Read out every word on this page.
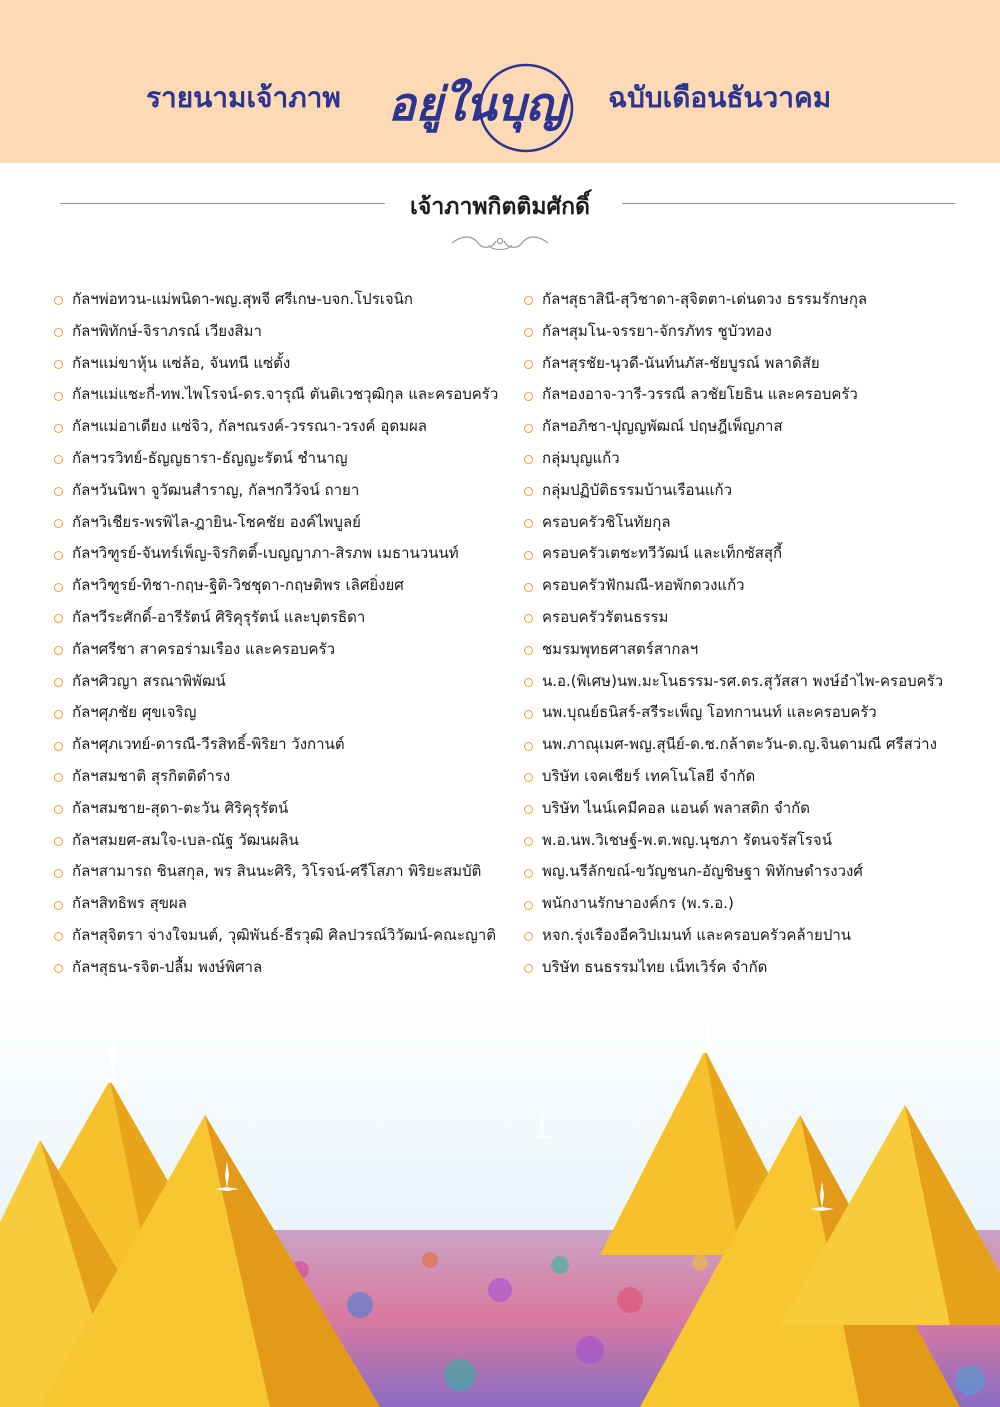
รายนามเจ้าภาพ อยู่ในบุญ ฉบับเดือนธันวาคม
เจ้าภาพกิตติมศักดิ์
กัลฯพ่อทวน-แม่พนิดา-พญ.สุพจี ศรีเกษ-บจก.โปรเจนิก
กัลฯพิทักษ์-จิราภรณ์ เวียงสิมา
กัลฯแม่ขาหุ้น แซ่ล้อ, จันทนี แซ่ตั้ง
กัลฯแม่แชะกี่-ทพ.ไพโรจน์-ดร.จารุณี ตันติเวชวุฒิกุล และครอบครัว
กัลฯแม่อาเตียง แซ่จิว, กัลฯณรงค์-วรรณา-วรงค์ อุดมผล
กัลฯวรวิทย์-ธัญญธารา-ธัญญะรัตน์ ชำนาญ
กัลฯวันนิพา จูวัฒนสำราญ, กัลฯกวีวัจน์ ถายา
กัลฯวิเชียร-พรพิไล-ฎายิน-โชคชัย องค์ไพบูลย์
กัลฯวิฑูรย์-จันทร์เพ็ญ-จิรกิตติ์-เบญญาภา-สิรภพ เมธานวนนท์
กัลฯวิฑูรย์-ทิชา-กฤษ-ฐิติ-วิชชุดา-กฤษติพร เลิศยิ่งยศ
กัลฯวีระศักดิ์-อารีรัตน์ ศิริคุรุรัตน์ และบุตรธิดา
กัลฯศรีชา สาครอร่ามเรือง และครอบครัว
กัลฯศิวญา สรณาพิพัฒน์
กัลฯศุภชัย ศุขเจริญ
กัลฯศุภเวทย์-ดารณี-วีรสิทธิ์-พิริยา วังกานต์
กัลฯสมชาติ สุรกิตติดำรง
กัลฯสมชาย-สุดา-ตะวัน ศิริคุรุรัตน์
กัลฯสมยศ-สมใจ-เบล-ณัฐ วัฒนผลิน
กัลฯสามารถ ชินสกุล, พร สินนะศิริ, วิโรจน์-ศรีโสภา พิริยะสมบัติ
กัลฯสิทธิพร สุขผล
กัลฯสุจิตรา จ่างใจมนต์, วุฒิพันธ์-ธีรวุฒิ ศิลปวรณ์วิวัฒน์-คณะญาติ
กัลฯสุธน-รจิต-ปลื้ม พงษ์พิศาล
กัลฯสุธาสินี-สุวิชาดา-สุจิตตา-เด่นดวง ธรรมรักษกุล
กัลฯสุมโน-จรรยา-จักรภัทร ชูบัวทอง
กัลฯสุรชัย-นุวดี-นันท์นภัส-ชัยบูรณ์ พลาดิสัย
กัลฯองอาจ-วารี-วรรณี ลวชัยโยธิน และครอบครัว
กัลฯอภิชา-ปุญญพัฒณ์ ปฤษฎีเพ็ญภาส
กลุ่มบุญแก้ว
กลุ่มปฏิบัติธรรมบ้านเรือนแก้ว
ครอบครัวชิโนทัยกุล
ครอบครัวเตชะทวีวัฒน์ และเท็กซัสสุกี้
ครอบครัวฟักมณี-หอพักดวงแก้ว
ครอบครัวรัตนธรรม
ชมรมพุทธศาสตร์สากลฯ
น.อ.(พิเศษ)นพ.มะโนธรรม-รศ.ดร.สุวัสสา พงษ์อำไพ-ครอบครัว
นพ.บุณย์ธนิสร์-สรีระเพ็ญ โอทกานนท์ และครอบครัว
นพ.ภาณุเมศ-พญ.สุนีย์-ด.ช.กล้าตะวัน-ด.ญ.จินดามณี ศรีสว่าง
บริษัท เจคเชียร์ เทคโนโลยี จำกัด
บริษัท ไนน์เคมีคอล แอนด์ พลาสติก จำกัด
พ.อ.นพ.วิเชษฐ์-พ.ต.พญ.นุชภา รัตนจรัสโรจน์
พญ.นรีลักขณ์-ขวัญชนก-อัญชิษฐา พิทักษดำรงวงศ์
พนักงานรักษาองค์กร (พ.ร.อ.)
หจก.รุ่งเรืองอีควิปเมนท์ และครอบครัวคล้ายปาน
บริษัท ธนธรรมไทย เน็ทเวิร์ค จำกัด
